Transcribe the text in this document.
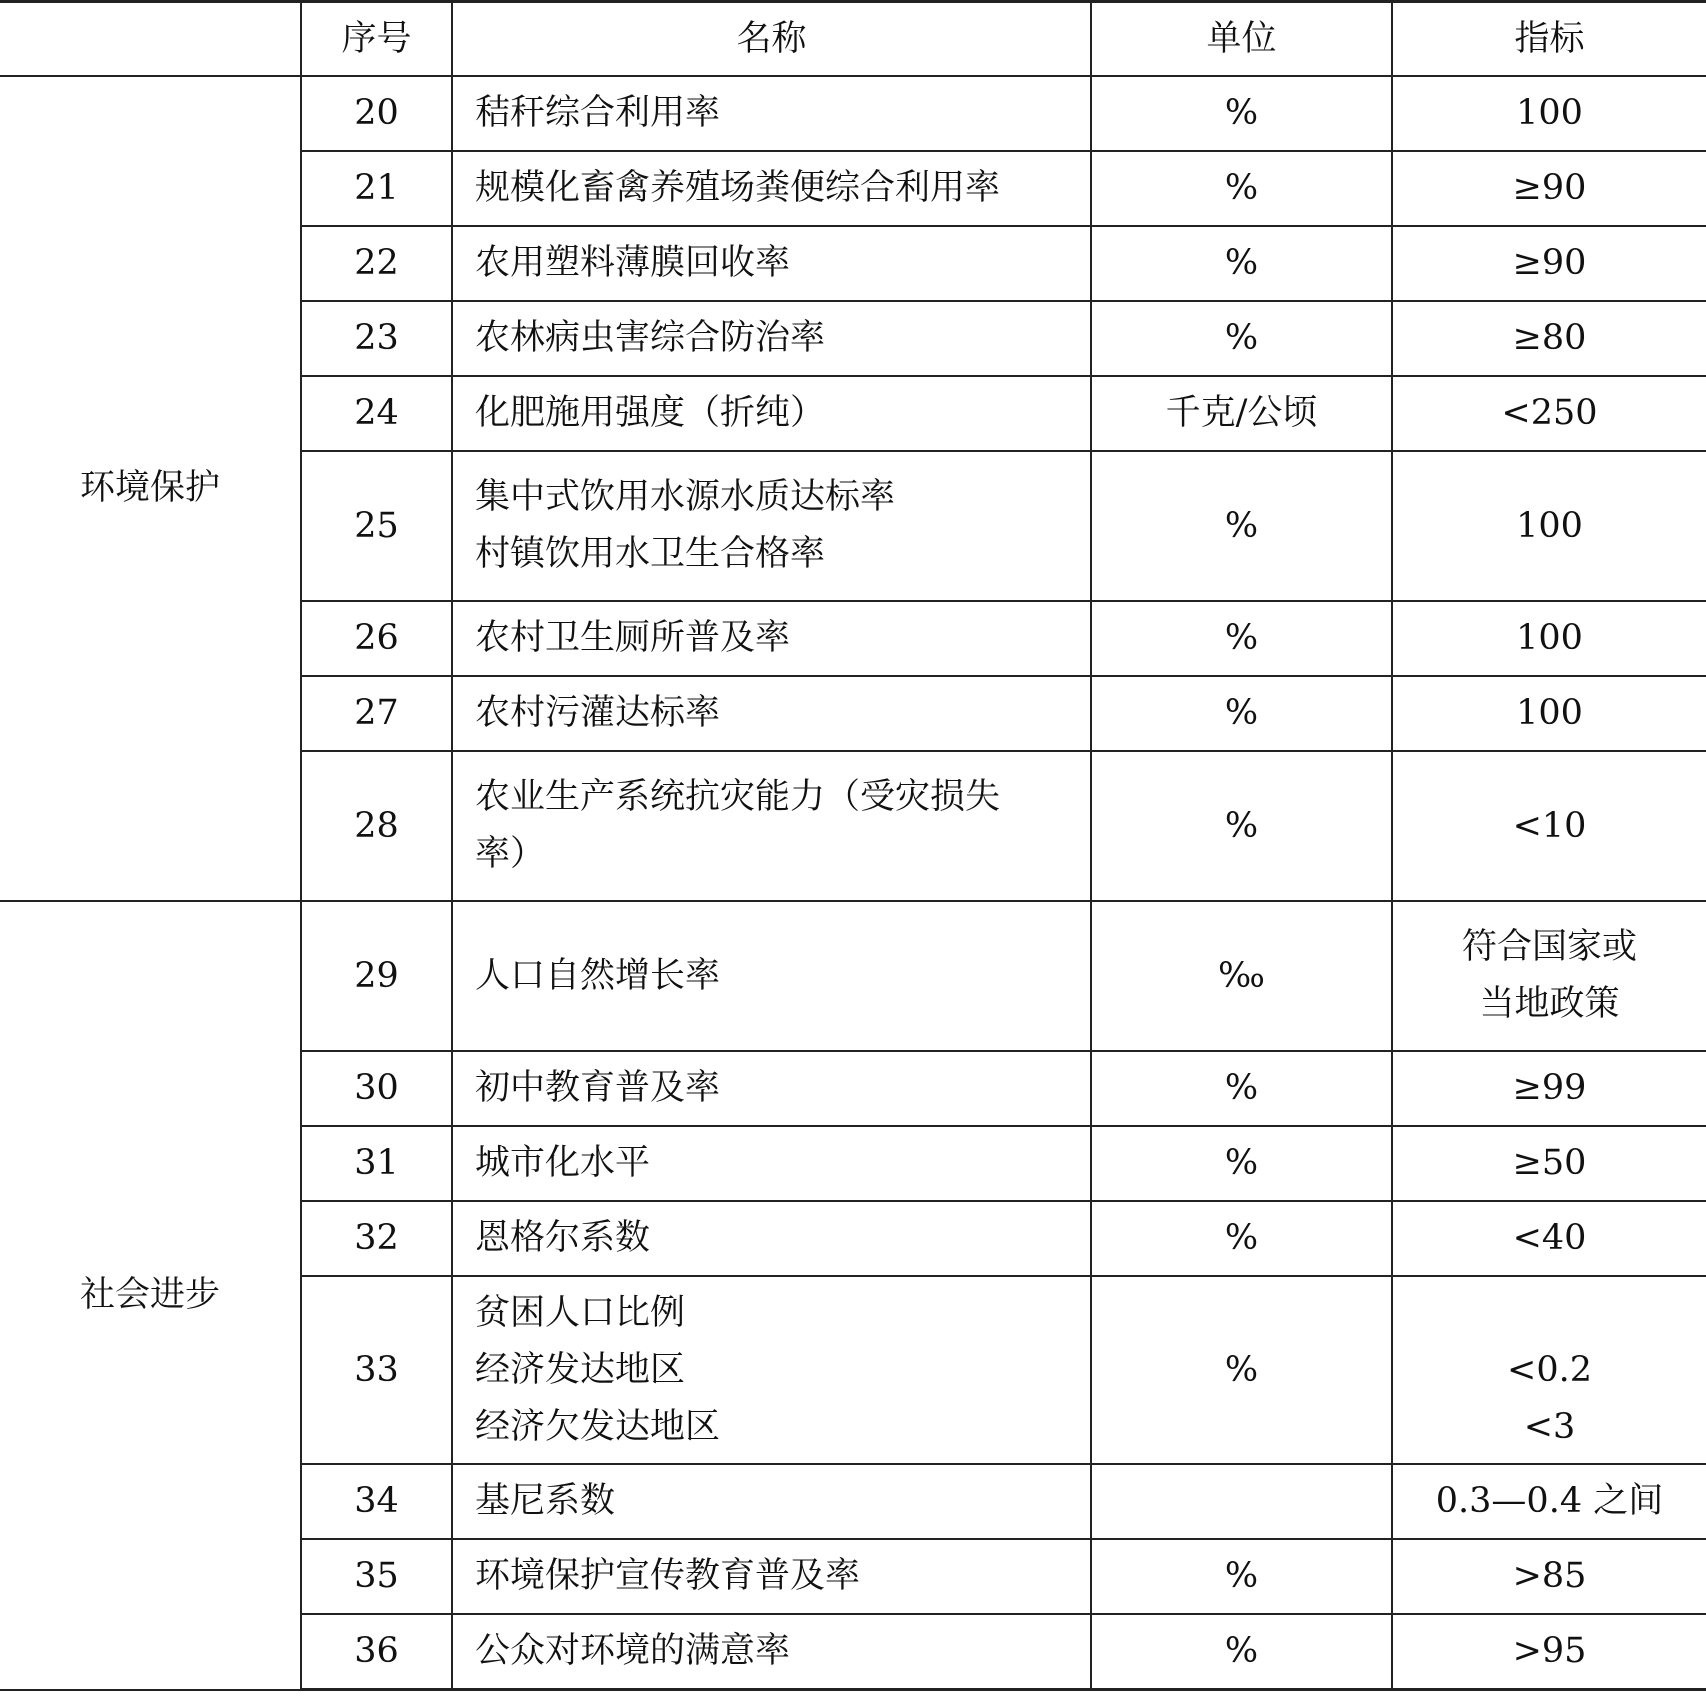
	序号	名称	单位	指标
环境保护	20	秸秆综合利用率	%	100

	21	规模化畜禽养殖场粪便综合利用率	%	≥90

	22	农用塑料薄膜回收率	%	≥90

	23	农林病虫害综合防治率	%	≥80

	24	化肥施用强度（折纯）	千克/公顷	<250

	25	集中式饮用水源水质达标率
村镇饮用水卫生合格率	%	100

	26	农村卫生厕所普及率	%	100

	27	农村污灌达标率	%	100

	28	农业生产系统抗灾能力（受灾损失
率）	%	<10

社会进步	29	人口自然增长率	‰	符合国家或
当地政策

	30	初中教育普及率	%	≥99

	31	城市化水平	%	≥50

	32	恩格尔系数	%	<40

	33	贫困人口比例
经济发达地区
经济欠发达地区	%	<0.2
<3

	34	基尼系数		0.3—0.4 之间

	35	环境保护宣传教育普及率	%	>85

	36	公众对环境的满意率	%	>95
